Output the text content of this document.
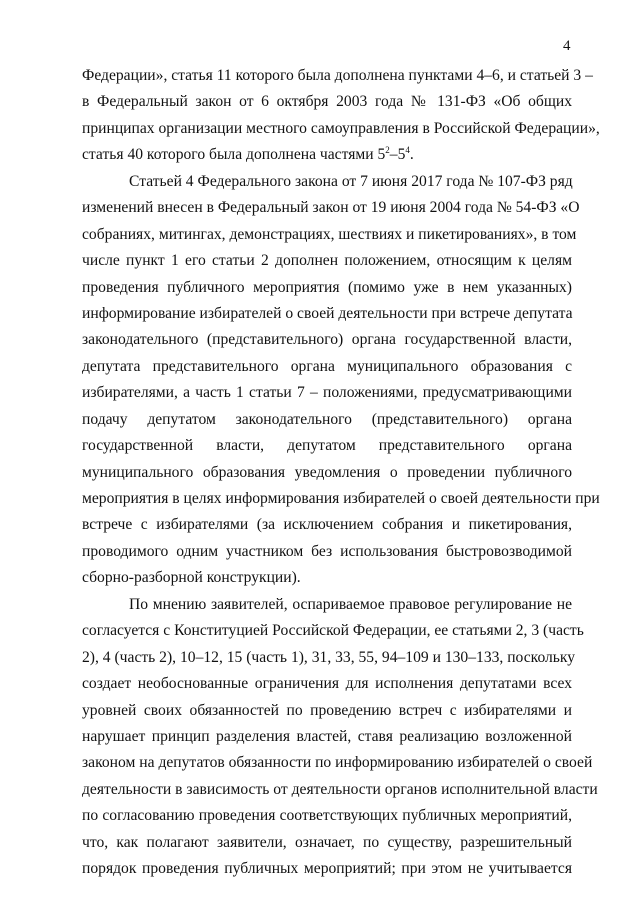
4
Федерации», статья 11 которого была дополнена пунктами 4–6, и статьей 3 –
в Федеральный закон от 6 октября 2003 года № 131-ФЗ «Об общих
принципах организации местного самоуправления в Российской Федерации»,
статья 40 которого была дополнена частями $5^2-5^4$.
Статьей 4 Федерального закона от 7 июня 2017 года № 107-ФЗ ряд
изменений внесен в Федеральный закон от 19 июня 2004 года № 54-ФЗ «О
собраниях, митингах, демонстрациях, шествиях и пикетированиях», в том
числе пункт 1 его статьи 2 дополнен положением, относящим к целям
проведения публичного мероприятия (помимо уже в нем указанных)
информирование избирателей о своей деятельности при встрече депутата
законодательного (представительного) органа государственной власти,
депутата представительного органа муниципального образования с
избирателями, а часть 1 статьи 7 – положениями, предусматривающими
подачу депутатом законодательного (представительного) органа
государственной власти, депутатом представительного органа
муниципального образования уведомления о проведении публичного
мероприятия в целях информирования избирателей о своей деятельности при
встрече с избирателями (за исключением собрания и пикетирования,
проводимого одним участником без использования быстровозводимой
сборно-разборной конструкции).
По мнению заявителей, оспариваемое правовое регулирование не
согласуется с Конституцией Российской Федерации, ее статьями 2, 3 (часть
2), 4 (часть 2), 10–12, 15 (часть 1), 31, 33, 55, 94–109 и 130–133, поскольку
создает необоснованные ограничения для исполнения депутатами всех
уровней своих обязанностей по проведению встреч с избирателями и
нарушает принцип разделения властей, ставя реализацию возложенной
законом на депутатов обязанности по информированию избирателей о своей
деятельности в зависимость от деятельности органов исполнительной власти
по согласованию проведения соответствующих публичных мероприятий,
что, как полагают заявители, означает, по существу, разрешительный
порядок проведения публичных мероприятий; при этом не учитывается
